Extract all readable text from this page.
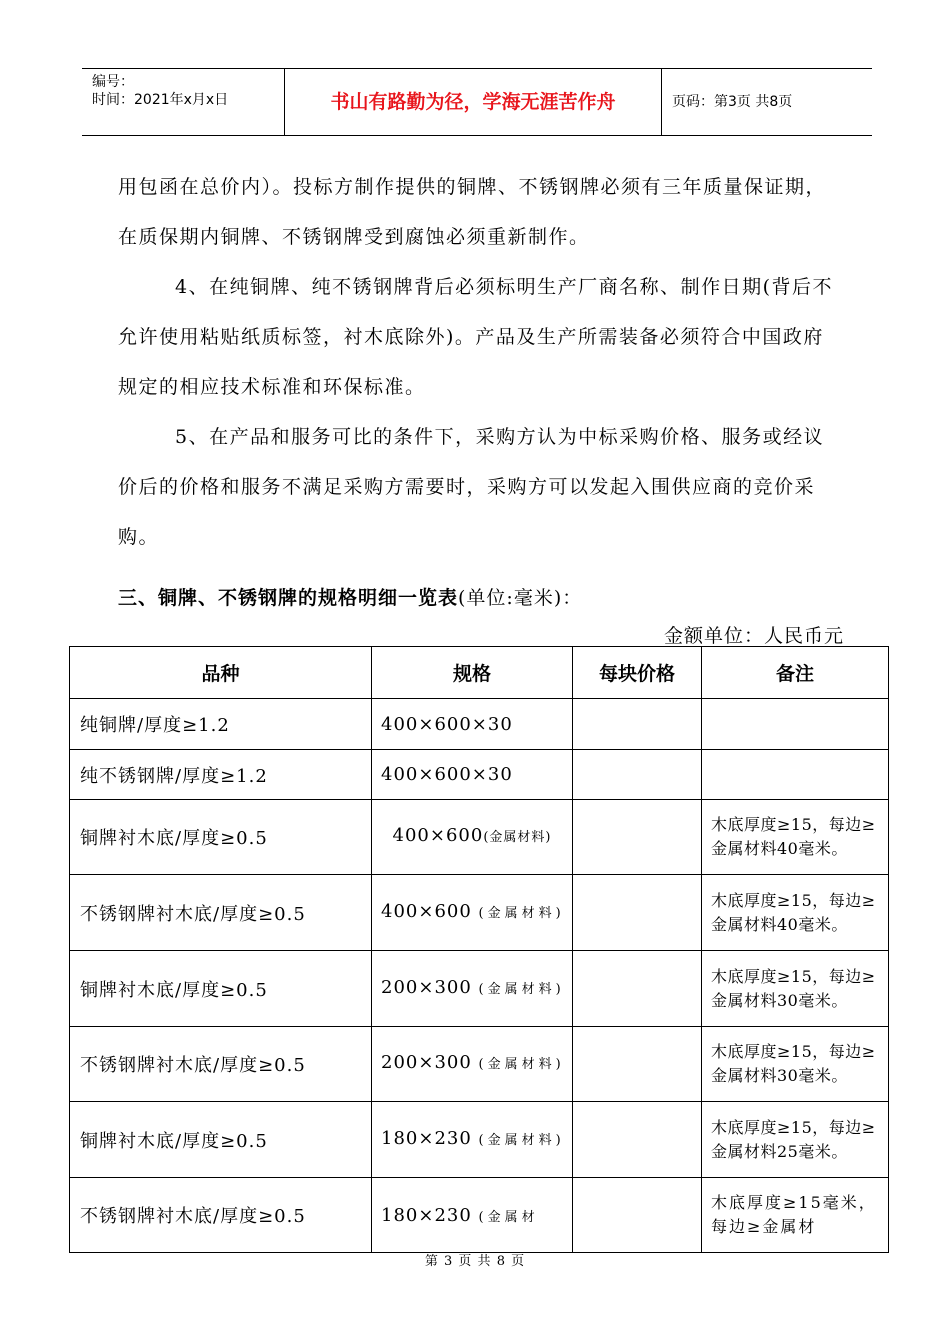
编号：
时间：2021年x月x日	书山有路勤为径，学海无涯苦作舟	页码：第3页 共8页

用包函在总价内）。投标方制作提供的铜牌、不锈钢牌必须有三年质量保证期，在质保期内铜牌、不锈钢牌受到腐蚀必须重新制作。

4、在纯铜牌、纯不锈钢牌背后必须标明生产厂商名称、制作日期(背后不允许使用粘贴纸质标签，衬木底除外)。产品及生产所需装备必须符合中国政府规定的相应技术标准和环保标准。

5、在产品和服务可比的条件下，采购方认为中标采购价格、服务或经议价后的价格和服务不满足采购方需要时，采购方可以发起入围供应商的竞价采购。

三、铜牌、不锈钢牌的规格明细一览表(单位:毫米)：
金额单位：人民币元
品种	规格	每块价格	备注
纯铜牌/厚度≥1.2	400×600×30		
纯不锈钢牌/厚度≥1.2	400×600×30		
铜牌衬木底/厚度≥0.5	400×600(金属材料)		木底厚度≥15，每边≥金属材料40毫米。
不锈钢牌衬木底/厚度≥0.5	400×600 (金属材料)		木底厚度≥15，每边≥金属材料40毫米。
铜牌衬木底/厚度≥0.5	200×300 (金属材料)		木底厚度≥15，每边≥金属材料30毫米。
不锈钢牌衬木底/厚度≥0.5	200×300 (金属材料)		木底厚度≥15，每边≥金属材料30毫米。
铜牌衬木底/厚度≥0.5	180×230 (金属材料)		木底厚度≥15，每边≥金属材料25毫米。
不锈钢牌衬木底/厚度≥0.5	180×230 (金属材		木底厚度≥15毫米，每边≥金属材
第 3 页 共 8 页
